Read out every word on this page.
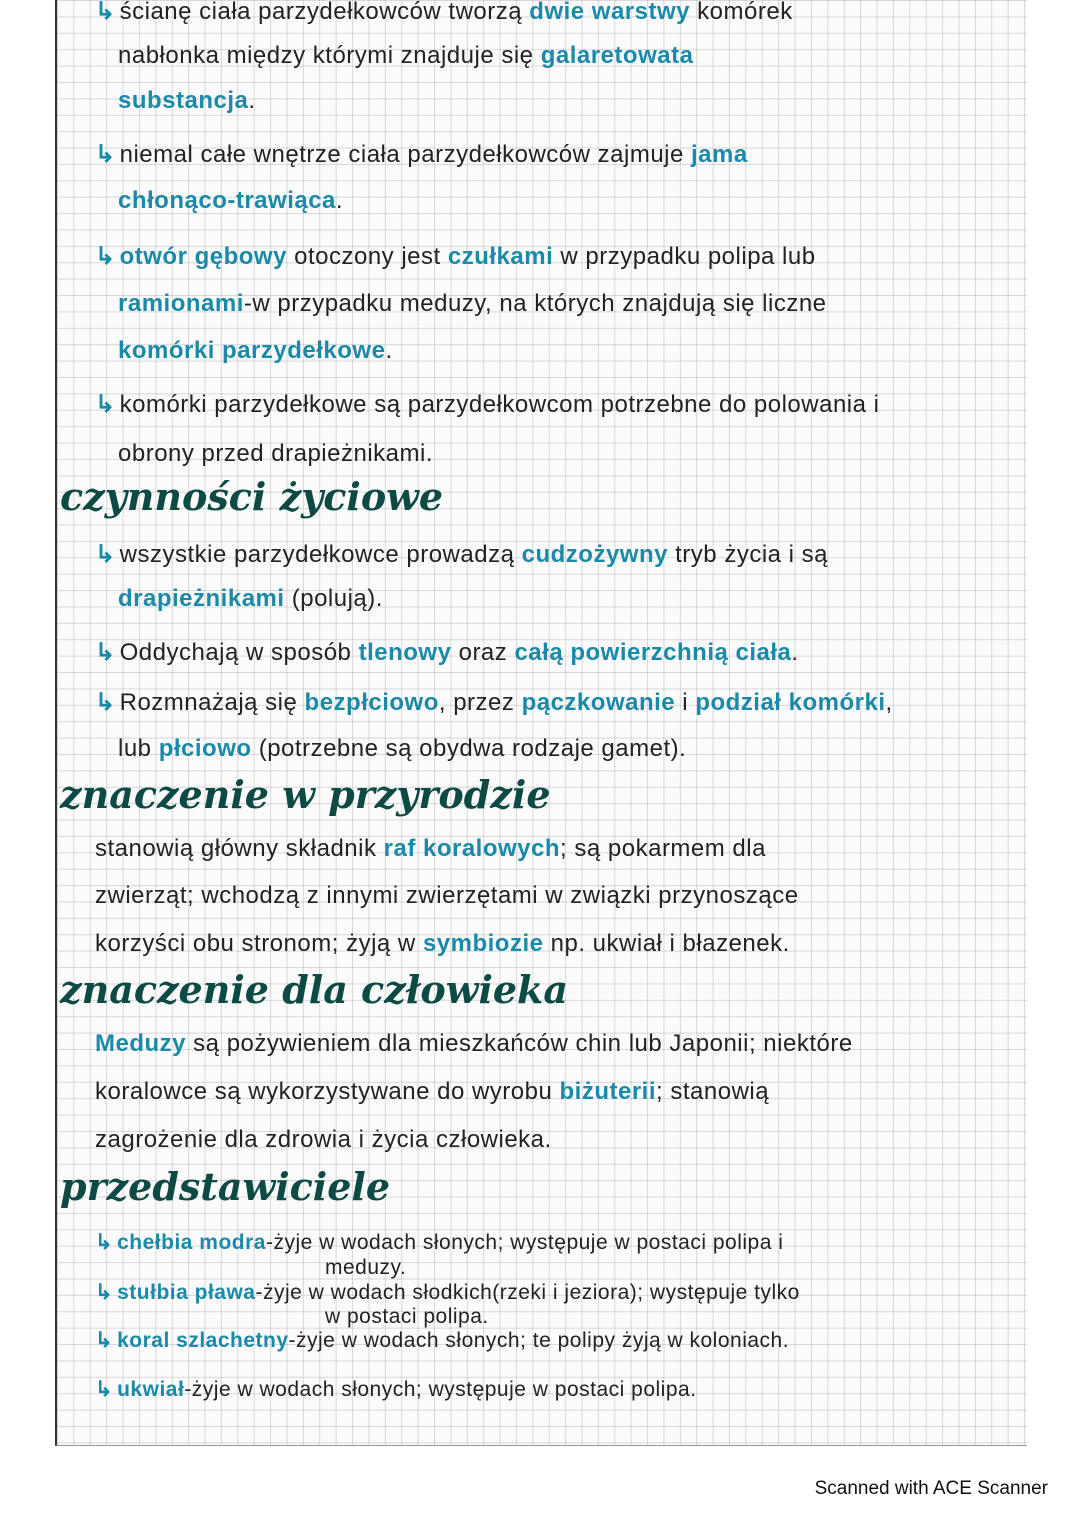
↳ ścianę ciała parzydełkowców tworzą dwie warstwy komórek
nabłonka między którymi znajduje się galaretowata
substancja.
↳ niemal całe wnętrze ciała parzydełkowców zajmuje jama
chłonąco-trawiąca.
↳ otwór gębowy otoczony jest czułkami w przypadku polipa lub
ramionami-w przypadku meduzy, na których znajdują się liczne
komórki parzydełkowe.
↳ komórki parzydełkowe są parzydełkowcom potrzebne do polowania i
obrony przed drapieżnikami.
↳ wszystkie parzydełkowce prowadzą cudzożywny tryb życia i są
drapieżnikami (polują).
↳ Oddychają w sposób tlenowy oraz całą powierzchnią ciała.
↳ Rozmnażają się bezpłciowo, przez pączkowanie i podział komórki,
lub płciowo (potrzebne są obydwa rodzaje gamet).
stanowią główny składnik raf koralowych; są pokarmem dla
zwierząt; wchodzą z innymi zwierzętami w związki przynoszące
korzyści obu stronom; żyją w symbiozie np. ukwiał i błazenek.
Meduzy są pożywieniem dla mieszkańców chin lub Japonii; niektóre
koralowce są wykorzystywane do wyrobu biżuterii; stanowią
zagrożenie dla zdrowia i życia człowieka.
↳ chełbia modra-żyje w wodach słonych; występuje w postaci polipa i
meduzy.
↳ stułbia pława-żyje w wodach słodkich(rzeki i jeziora); występuje tylko
w postaci polipa.
↳ koral szlachetny-żyje w wodach słonych; te polipy żyją w koloniach.
↳ ukwiał-żyje w wodach słonych; występuje w postaci polipa.
czynności życiowe
znaczenie w przyrodzie
znaczenie dla człowieka
przedstawiciele
Scanned with ACE Scanner
